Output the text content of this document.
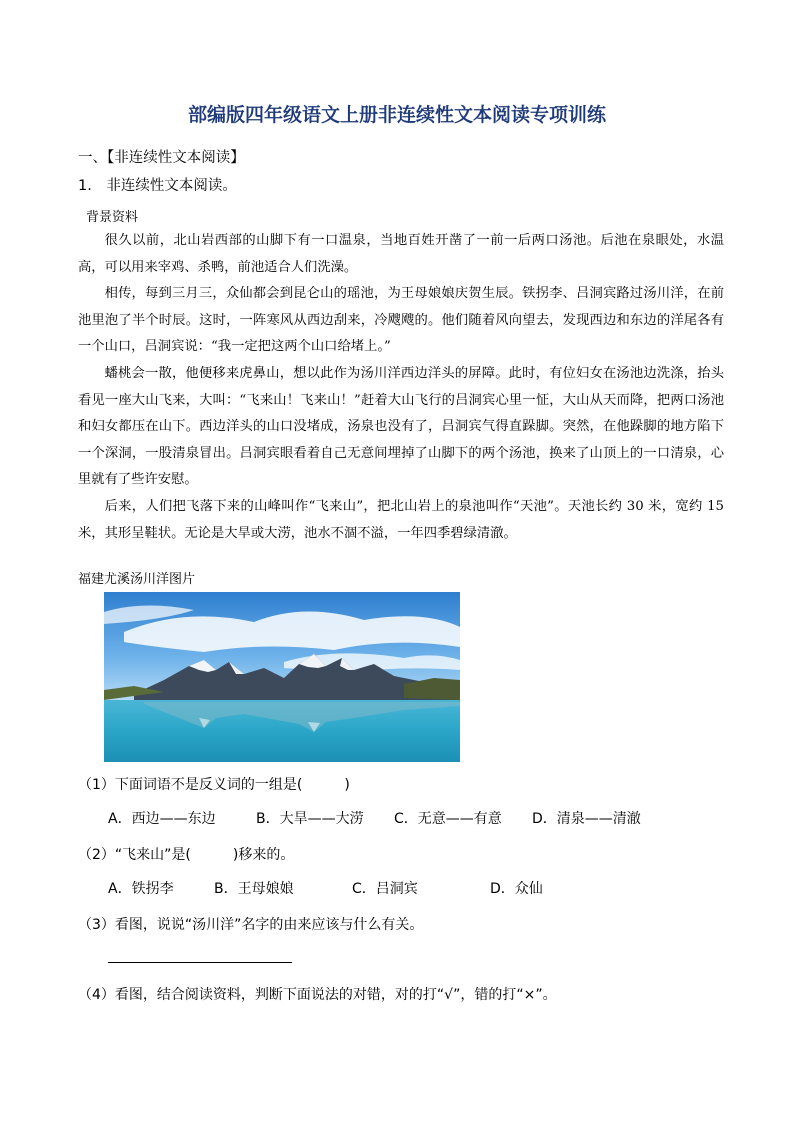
部编版四年级语文上册非连续性文本阅读专项训练
一、【非连续性文本阅读】
1.　非连续性文本阅读。
背景资料

很久以前，北山岩西部的山脚下有一口温泉，当地百姓开凿了一前一后两口汤池。后池在泉眼处，水温高，可以用来宰鸡、杀鸭，前池适合人们洗澡。

相传，每到三月三，众仙都会到昆仑山的瑶池，为王母娘娘庆贺生辰。铁拐李、吕洞宾路过汤川洋，在前池里泡了半个时辰。这时，一阵寒风从西边刮来，冷飕飕的。他们随着风向望去，发现西边和东边的洋尾各有一个山口，吕洞宾说：“我一定把这两个山口给堵上。”

蟠桃会一散，他便移来虎鼻山，想以此作为汤川洋西边洋头的屏障。此时，有位妇女在汤池边洗涤，抬头看见一座大山飞来，大叫：“飞来山！飞来山！”赶着大山飞行的吕洞宾心里一怔，大山从天而降，把两口汤池和妇女都压在山下。西边洋头的山口没堵成，汤泉也没有了，吕洞宾气得直跺脚。突然，在他跺脚的地方陷下一个深洞，一股清泉冒出。吕洞宾眼看着自己无意间埋掉了山脚下的两个汤池，换来了山顶上的一口清泉，心里就有了些许安慰。

后来，人们把飞落下来的山峰叫作“飞来山”，把北山岩上的泉池叫作“天池”。天池长约 30 米，宽约 15 米，其形呈鞋状。无论是大旱或大涝，池水不涸不溢，一年四季碧绿清澈。

福建尤溪汤川洋图片
（1）下面词语不是反义词的一组是(　　　)
A．西边——东边	B．大旱——大涝 C．无意——有意 D．清泉——清澈
（2）“飞来山”是(　　　)移来的。
A．铁拐李	B．王母娘娘	C．吕洞宾	D．众仙
（3）看图，说说“汤川洋”名字的由来应该与什么有关。
（4）看图，结合阅读资料，判断下面说法的对错，对的打“√”，错的打“×”。
